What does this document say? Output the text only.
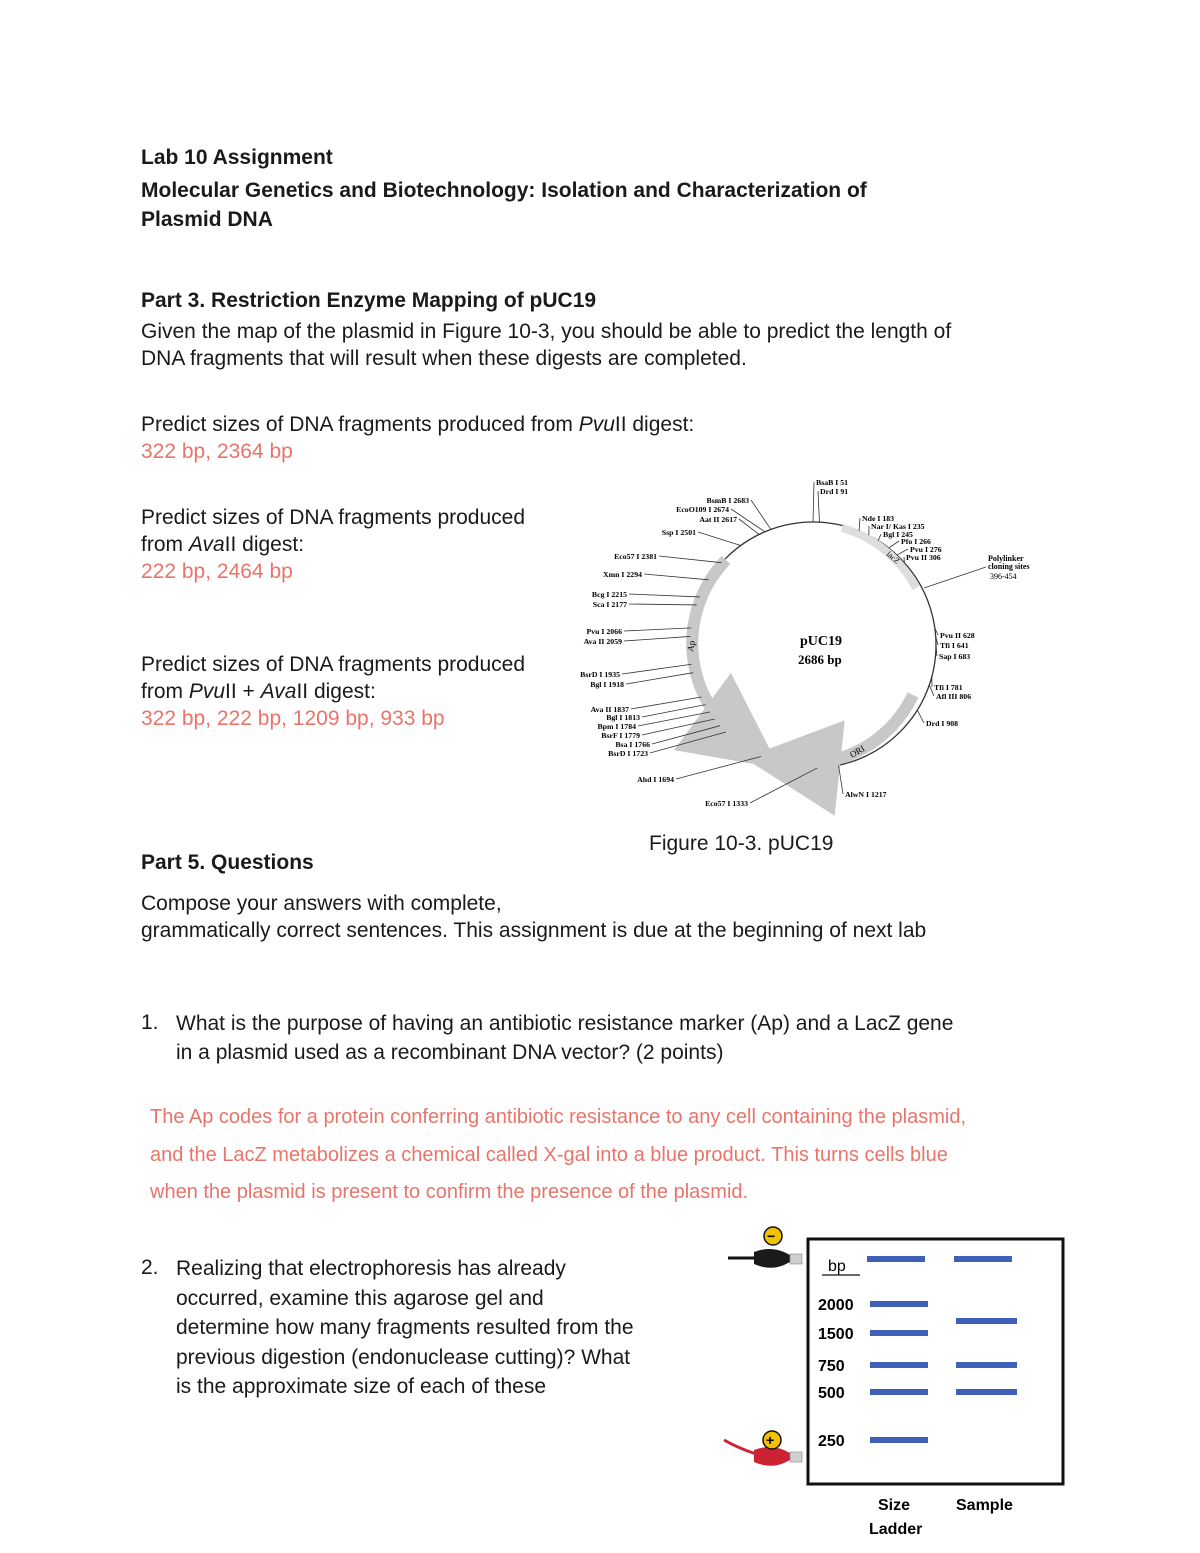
Lab 10 Assignment
Molecular Genetics and Biotechnology: Isolation and Characterization of
Plasmid DNA
Part 3. Restriction Enzyme Mapping of pUC19
Given the map of the plasmid in Figure 10-3, you should be able to predict the length of
DNA fragments that will result when these digests are completed.
Predict sizes of DNA fragments produced from PvuII digest:
322 bp, 2364 bp
Predict sizes of DNA fragments produced
from AvaII digest:
222 bp, 2464 bp
Predict sizes of DNA fragments produced
from PvuII + AvaII digest:
322 bp, 222 bp, 1209 bp, 933 bp
Ap
ORI
lacZ
pUC19
2686 bp
BsmB I 2683
EcoO109 I 2674
Aat II 2617
Ssp I 2501
Eco57 I 2381
Xmn I 2294
Bcg I 2215
Sca I 2177
Pvu I 2066
Ava II 2059
BsrD I 1935
Bgl I 1918
Ava II 1837
Bgl I 1813
Bpm I 1784
BsrF I 1779
Bsa I 1766
BsrD I 1723
Ahd I 1694
Eco57 I 1333
BsaB I 51
Drd I 91
Nde I 183
Nar I/ Kas I 235
Bgl I 245
Pfo I 266
Pvu I 276
Pvu II 306
Pvu II 628
Tfi I 641
Sap I 683
Tfi I 781
Afl III 806
Drd I 908
AlwN I 1217
Polylinker
cloning sites
396-454
Figure 10-3. pUC19
Part 5. Questions
Compose your answers with complete,
grammatically correct sentences. This assignment is due at the beginning of next lab
1. What is the purpose of having an antibiotic resistance marker (Ap) and a LacZ gene
in a plasmid used as a recombinant DNA vector? (2 points)
The Ap codes for a protein conferring antibiotic resistance to any cell containing the plasmid,
and the LacZ metabolizes a chemical called X-gal into a blue product. This turns cells blue
when the plasmid is present to confirm the presence of the plasmid.
2. Realizing that electrophoresis has already
occurred, examine this agarose gel and
determine how many fragments resulted from the
previous digestion (endonuclease cutting)? What
is the approximate size of each of these
−
+
bp
2000
1500
750
500
250
Size
Ladder
Sample
